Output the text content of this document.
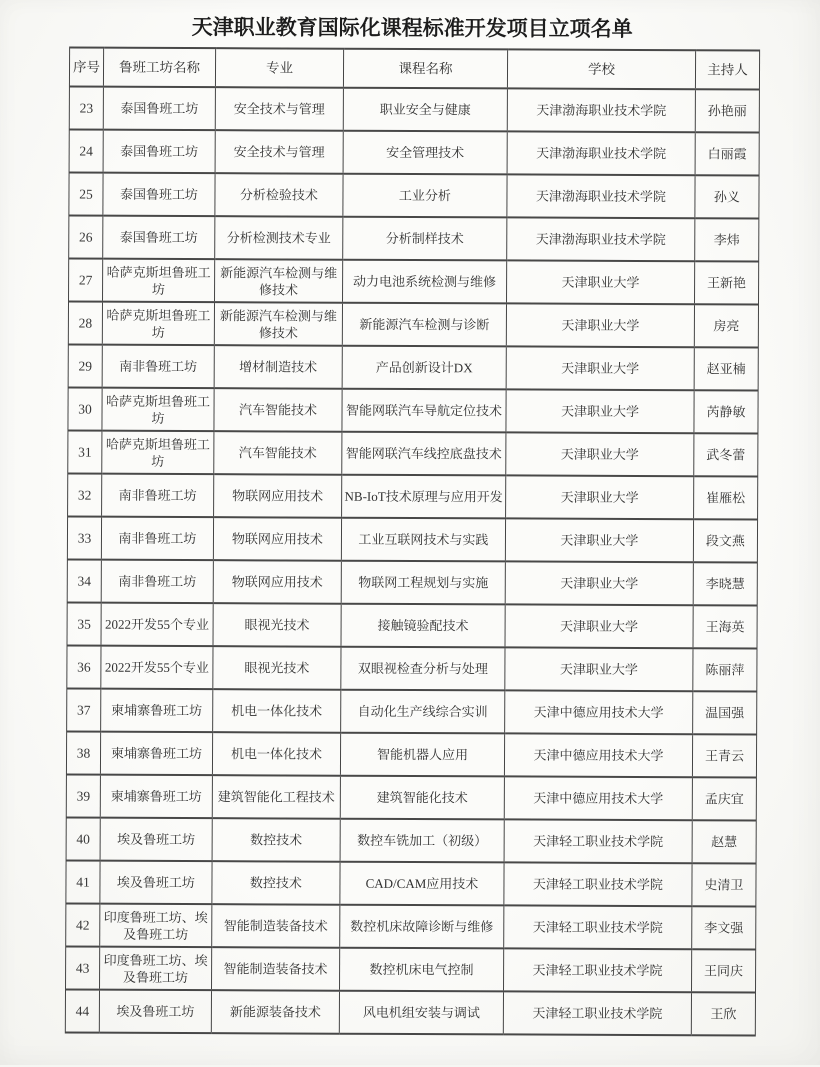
天津职业教育国际化课程标准开发项目立项名单
序号	鲁班工坊名称	专业	课程名称	学校	主持人
23	泰国鲁班工坊	安全技术与管理	职业安全与健康	天津渤海职业技术学院	孙艳丽
24	泰国鲁班工坊	安全技术与管理	安全管理技术	天津渤海职业技术学院	白丽霞
25	泰国鲁班工坊	分析检验技术	工业分析	天津渤海职业技术学院	孙义
26	泰国鲁班工坊	分析检测技术专业	分析制样技术	天津渤海职业技术学院	李炜
27	哈萨克斯坦鲁班工坊	新能源汽车检测与维修技术	动力电池系统检测与维修	天津职业大学	王新艳
28	哈萨克斯坦鲁班工坊	新能源汽车检测与维修技术	新能源汽车检测与诊断	天津职业大学	房亮
29	南非鲁班工坊	增材制造技术	产品创新设计DX	天津职业大学	赵亚楠
30	哈萨克斯坦鲁班工坊	汽车智能技术	智能网联汽车导航定位技术	天津职业大学	芮静敏
31	哈萨克斯坦鲁班工坊	汽车智能技术	智能网联汽车线控底盘技术	天津职业大学	武冬蕾
32	南非鲁班工坊	物联网应用技术	NB-IoT技术原理与应用开发	天津职业大学	崔雁松
33	南非鲁班工坊	物联网应用技术	工业互联网技术与实践	天津职业大学	段文燕
34	南非鲁班工坊	物联网应用技术	物联网工程规划与实施	天津职业大学	李晓慧
35	2022开发55个专业	眼视光技术	接触镜验配技术	天津职业大学	王海英
36	2022开发55个专业	眼视光技术	双眼视检查分析与处理	天津职业大学	陈丽萍
37	柬埔寨鲁班工坊	机电一体化技术	自动化生产线综合实训	天津中德应用技术大学	温国强
38	柬埔寨鲁班工坊	机电一体化技术	智能机器人应用	天津中德应用技术大学	王青云
39	柬埔寨鲁班工坊	建筑智能化工程技术	建筑智能化技术	天津中德应用技术大学	孟庆宜
40	埃及鲁班工坊	数控技术	数控车铣加工（初级）	天津轻工职业技术学院	赵慧
41	埃及鲁班工坊	数控技术	CAD/CAM应用技术	天津轻工职业技术学院	史清卫
42	印度鲁班工坊、埃及鲁班工坊	智能制造装备技术	数控机床故障诊断与维修	天津轻工职业技术学院	李文强
43	印度鲁班工坊、埃及鲁班工坊	智能制造装备技术	数控机床电气控制	天津轻工职业技术学院	王同庆
44	埃及鲁班工坊	新能源装备技术	风电机组安装与调试	天津轻工职业技术学院	王欣
